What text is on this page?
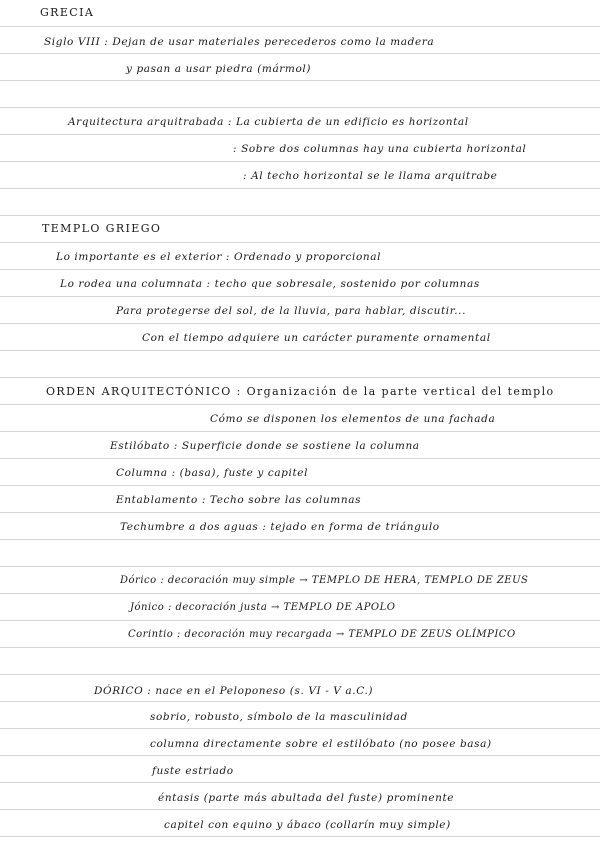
GRECIA
Siglo VIII : Dejan de usar materiales perecederos como la madera
y pasan a usar piedra (mármol)
Arquitectura arquitrabada : La cubierta de un edificio es horizontal
: Sobre dos columnas hay una cubierta horizontal
: Al techo horizontal se le llama arquitrabe
TEMPLO GRIEGO
Lo importante es el exterior : Ordenado y proporcional
Lo rodea una columnata : techo que sobresale, sostenido por columnas
Para protegerse del sol, de la lluvia, para hablar, discutir...
Con el tiempo adquiere un carácter puramente ornamental
ORDEN ARQUITECTÓNICO : Organización de la parte vertical del templo
Cómo se disponen los elementos de una fachada
Estilóbato : Superficie donde se sostiene la columna
Columna : (basa), fuste y capitel
Entablamento : Techo sobre las columnas
Techumbre a dos aguas : tejado en forma de triángulo
Dórico : decoración muy simple → TEMPLO DE HERA, TEMPLO DE ZEUS
Jónico : decoración justa → TEMPLO DE APOLO
Corintio : decoración muy recargada → TEMPLO DE ZEUS OLÍMPICO
DÓRICO : nace en el Peloponeso (s. VI - V a.C.)
sobrio, robusto, símbolo de la masculinidad
columna directamente sobre el estilóbato (no posee basa)
fuste estriado
éntasis (parte más abultada del fuste) prominente
capitel con equino y ábaco (collarín muy simple)
